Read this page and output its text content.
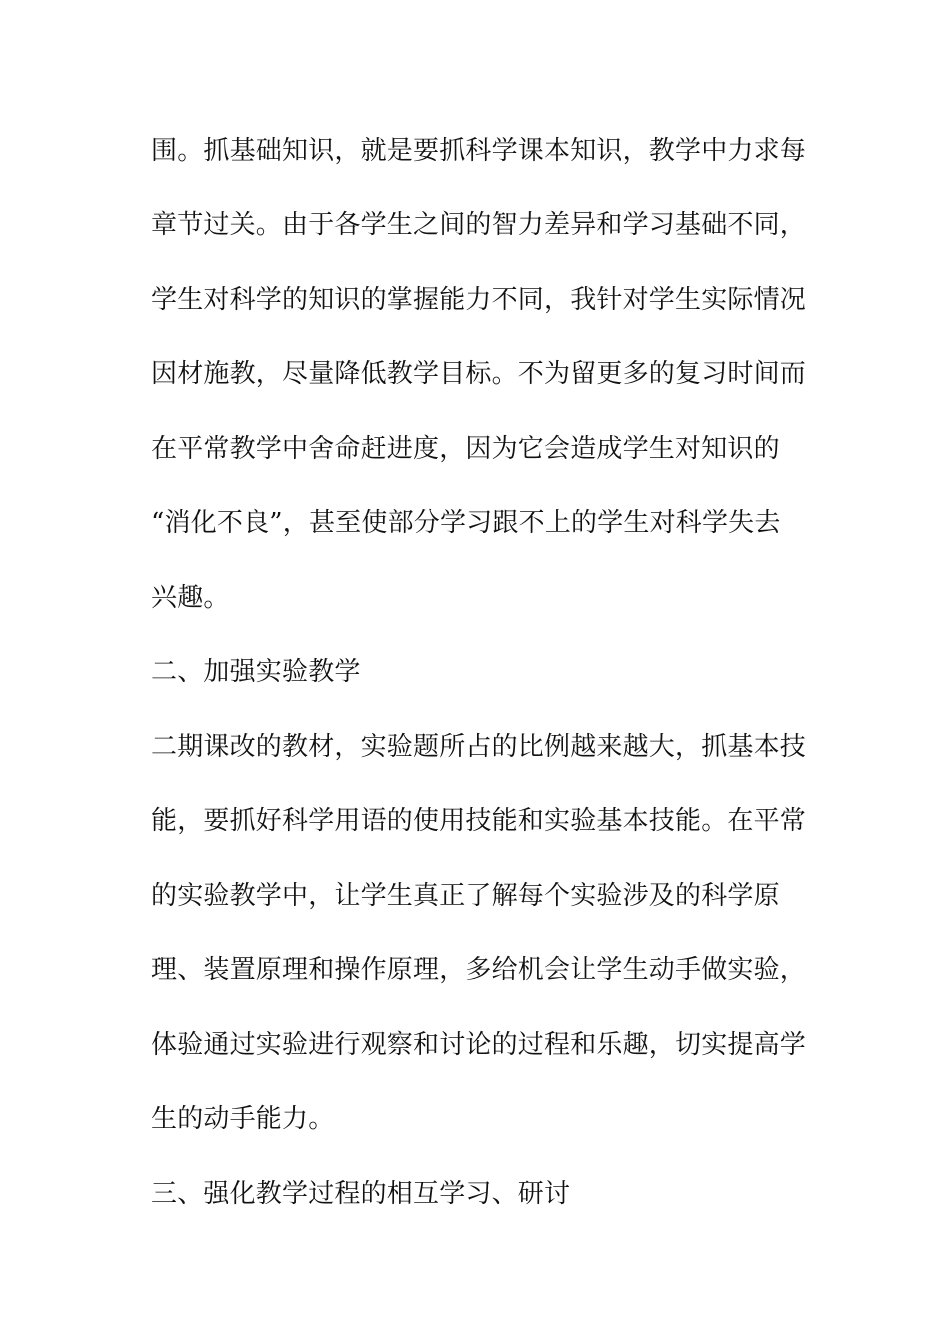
围。抓基础知识，就是要抓科学课本知识，教学中力求每
章节过关。由于各学生之间的智力差异和学习基础不同，
学生对科学的知识的掌握能力不同，我针对学生实际情况
因材施教，尽量降低教学目标。不为留更多的复习时间而
在平常教学中舍命赶进度，因为它会造成学生对知识的
“消化不良”，甚至使部分学习跟不上的学生对科学失去
兴趣。
二、加强实验教学
二期课改的教材，实验题所占的比例越来越大，抓基本技
能，要抓好科学用语的使用技能和实验基本技能。在平常
的实验教学中，让学生真正了解每个实验涉及的科学原
理、装置原理和操作原理，多给机会让学生动手做实验，
体验通过实验进行观察和讨论的过程和乐趣，切实提高学
生的动手能力。
三、强化教学过程的相互学习、研讨
